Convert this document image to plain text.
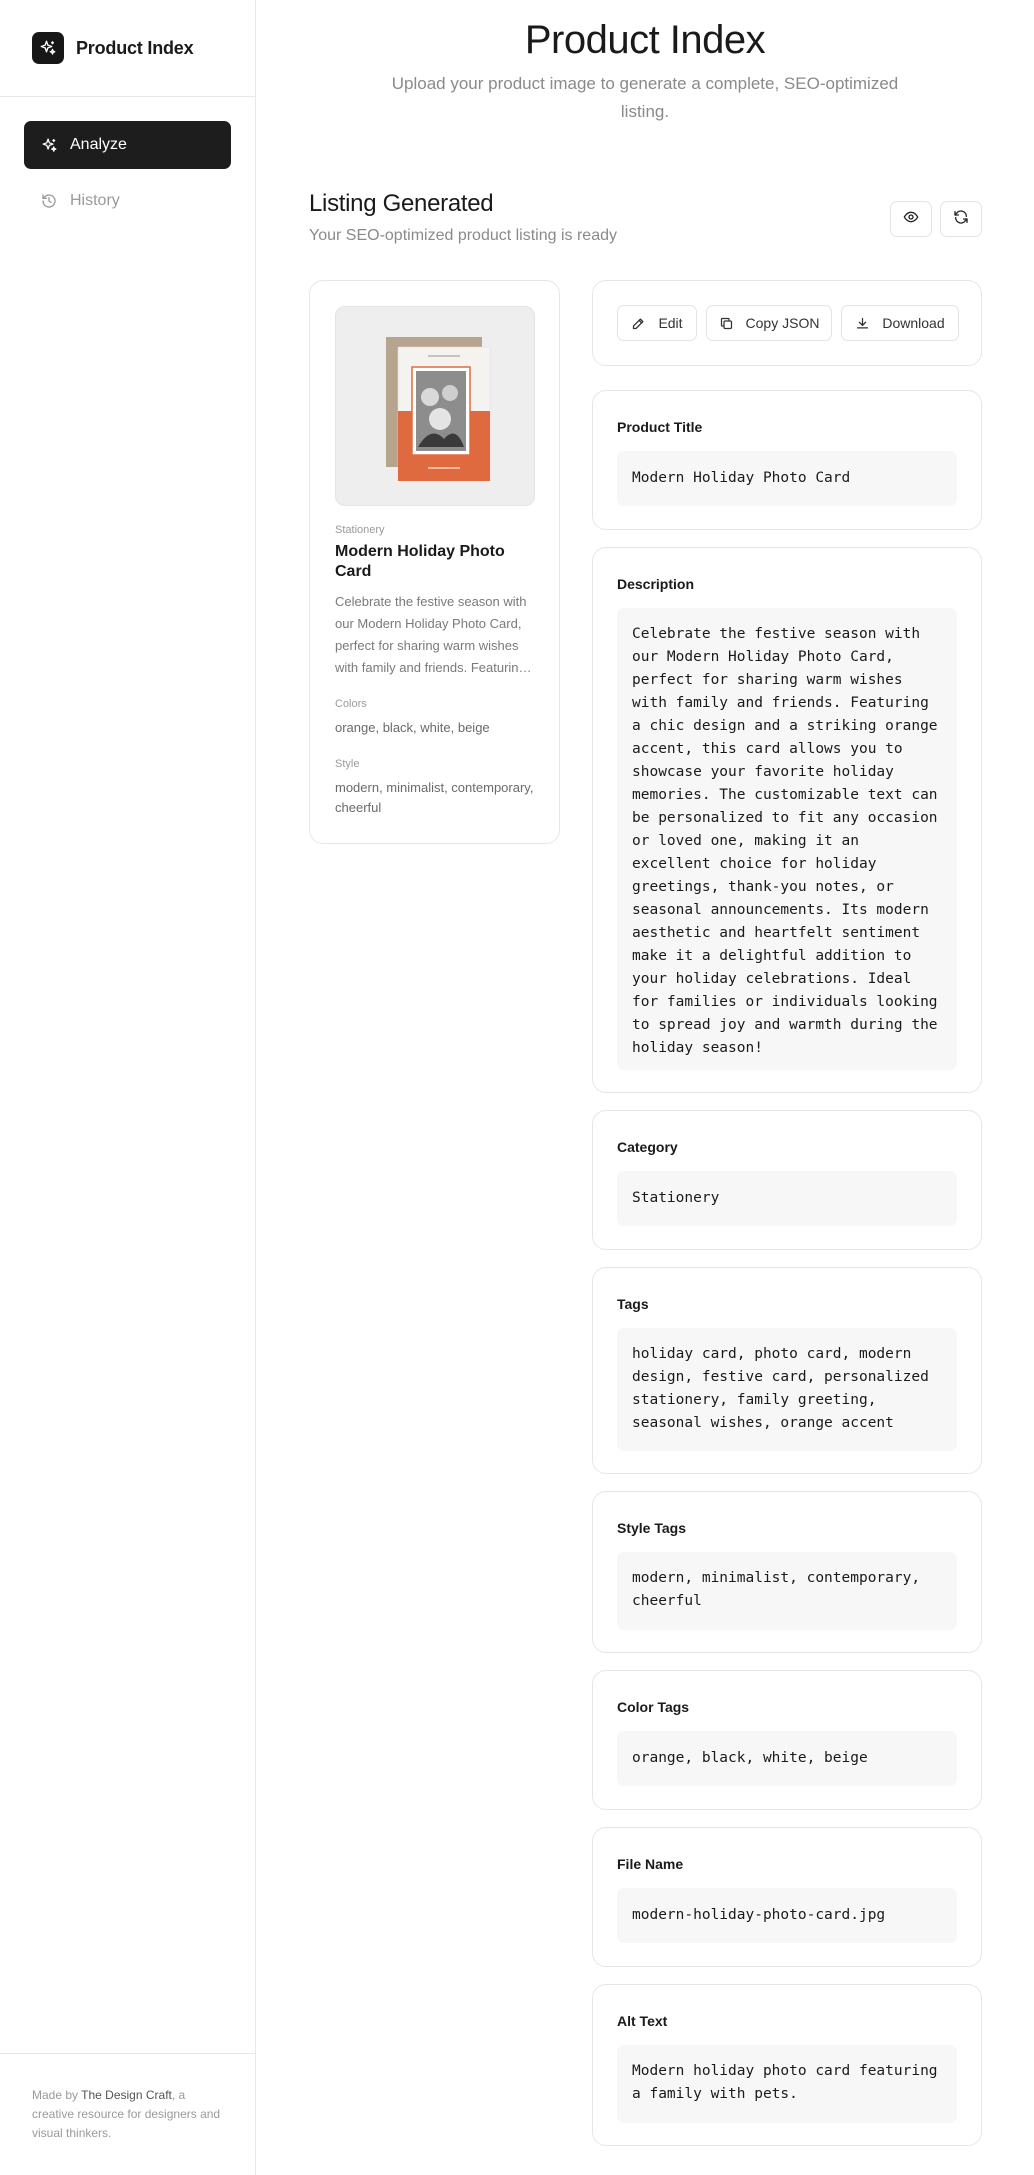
Product Index
Analyze
History
Made by The Design Craft, a creative resource for designers and visual thinkers.
Product Index

Upload your product image to generate a complete, SEO-optimized listing.

Listing Generated
Your SEO-optimized product listing is ready
Stationery
Modern Holiday Photo Card
Celebrate the festive season with our Modern Holiday Photo Card, perfect for sharing warm wishes with family and friends. Featuring
Colors
orange, black, white, beige
Style
modern, minimalist, contemporary, cheerful
Edit	Copy JSON	Download
Product Title
Modern Holiday Photo Card
Description
Celebrate the festive season with our Modern Holiday Photo Card, perfect for sharing warm wishes with family and friends. Featuring a chic design and a striking orange accent, this card allows you to showcase your favorite holiday memories. The customizable text can be personalized to fit any occasion or loved one, making it an excellent choice for holiday greetings, thank-you notes, or seasonal announcements. Its modern aesthetic and heartfelt sentiment make it a delightful addition to your holiday celebrations. Ideal for families or individuals looking to spread joy and warmth during the holiday season!
Category
Stationery
Tags
holiday card, photo card, modern design, festive card, personalized stationery, family greeting, seasonal wishes, orange accent
Style Tags
modern, minimalist, contemporary, cheerful
Color Tags
orange, black, white, beige
File Name
modern-holiday-photo-card.jpg
Alt Text
Modern holiday photo card featuring a family with pets.
